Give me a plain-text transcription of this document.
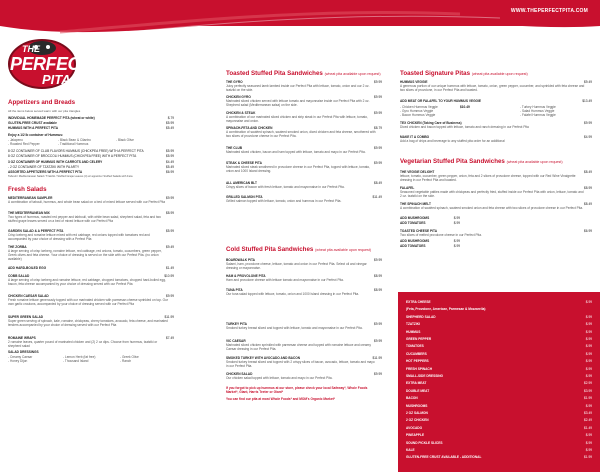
WWW.THEPERFECTPITA.COM
THE
PERFECT
PITA
Appetizers and Breads
All the items below served warm with our pita triangles
INDIVIDUAL HOMEMADE PERFECT PITA (wheat or white)	$.79
GLUTEN-FREE CRUST available	$5.99
HUMMUS WITH A PERFECT PITA	$5.49
Enjoy a 1/2 lb container of Hummus:
- Jalapeno	- Black Bean & Cilantro	- Black Olive
- Roasted Red Pepper	- Traditional Hummus
8 OZ CONTAINER OF CLUB FLAVORS HUMMUS (CHICKPEA FREE) WITH A PERFECT PITA	$5.99
8 OZ CONTAINER OF BROCCOLI HUMMUS (CHICKPEA FREE) WITH A PERFECT PITA	$5.99
3 OZ CONTAINER OF HUMMUS WITH CARROTS AND CELERY	$4.49
- 2 OZ CONTAINER OF TZATZIKI WITH PA ARTY	$5.49
ASSORTED APPETIZERS WITH A PERFECT PITA	$6.99
Tabouli / Mediterranean Salad / Tzatziki / Stuffed Grape Leaves (4) w/ appetizer Stuffed Salads with Feta
Fresh Salads
MEDITERRANEAN SAMPLER	$9.99
A combination of tabouli, hummus, and whole bean salad on a bed of mixed lettuce served with our Perfect Pita
THE MEDITERRANEAN MIX	$8.99
Two types of hummus, roasted red pepper and tabbouli, with white bean salad, shepherd salad, feta and two stuffed grape leaves served on a bed of mixed lettuce with our Perfect Pita
GARDEN SALAD & A PERFECT PITA	$5.99
Crisp iceberg and romaine lettuce mixed with red cabbage, red onions topped with tomatoes red and accompanied by your choice of dressing with a Perfect Pita
THE ZORBA	$9.49
A large serving of crisp iceberg, romaine lettuce, red cabbage, red onions, tomato, cucumbers, green pepper, Greek olives and feta cheese. Your choice of dressing is served on the side with our Perfect Pita. (no onion available)
ADD HARD-BOILED EGG	$1.49
COBB SALAD	$10.99
A large serving of crisp iceberg and romaine lettuce, red cabbage, chopped tomatoes, chopped hard-boiled egg, bacon, feta cheese accompanied by your choice of dressing served with our Perfect Pita
CHICKEN CAESAR SALAD	$9.99
Fresh romaine lettuce generously topped with our marinated chicken with parmesan cheese sprinkled on top. Our own garlic croutons, accompanied by your choice of dressing served with our Perfect Pita
SUPER GREEN SALAD	$11.99
Super green serving of spinach, kale, romaine, chickpeas, cherry tomatoes, avocado, feta cheese, and marinated tenders accompanied by your choice of dressing served with our Perfect Pita
ROMAINE WRAPS	$7.49
2 romaine leaves, quarter pound of marinated chicken and (2) 2 oz dips. Choose from hummus, tzatziki or shepherd salad
SALAD DRESSINGS
- Creamy Caesar	- Lemon Herb (fat free)	- Greek Olive
- Honey Dijon	- Thousand Island	- Ranch
Toasted Stuffed Pita Sandwiches (wheat pita available upon request)
THE GYRO	$9.99
Juicy perfectly seasoned lamb lambed inside our Perfect Pita with lettuce, tomato, onion and our 2 oz. tzatziki on the side.
CHICKEN GYRO	$9.99
Marinated sliced chicken served with lettuce tomato and mayonnaise inside our Perfect Pita with 2 oz. Shepherd salad (Mediterranean salsa) on the side.
CHICKEN & STEAK	$9.99
A combination of our marinated sliced chicken and strip steak in our Perfect Pita with lettuce, tomato, mayonnaise and onion.
SPINACH-FETA AND CHICKEN	$8.79
A combination of sautéed spinach, sauteed smoked onion, diced chicken and feta cheese, smothered with two slices of provolone cheese in our Perfect Pita.
THE CLUB	$9.99
Marinated sliced chicken, bacon and ham topped with lettuce, tomato and mayo in our Perfect Pita.
STEAK & CHEESE PITA	$9.99
Marinated sliced steak smothered in provolone cheese in our Perfect Pita, topped with lettuce, tomato, onion and 1000 Island dressing.
ALL AMERICAN BLT	$8.49
Crispy slices of bacon with fresh lettuce, tomato and mayonnaise in our Perfect Pita.
GRILLED SALMON PITA	$11.49
Grilled salmon topped with lettuce, tomato, onion and hummus in our Perfect Pita.
Cold Stuffed Pita Sandwiches (wheat pita available upon request)
BOARDWALK PITA	$9.99
Salami, ham, provolone cheese, lettuce, tomato and onion in our Perfect Pita. Select oil and vinegar dressing or mayonnaise.
HAM & PROVOLONE PITA	$8.99
Ham and provolone cheese with lettuce tomato and mayonnaise in our Perfect Pita.
TUNA PITA	$8.99
Our tuna salad topped with lettuce, tomato, onion and 1000 Island dressing in our Perfect Pita.
TURKEY PITA	$9.99
Smoked turkey breast sliced and topped with lettuce, tomato and mayonnaise in our Perfect Pita.
VIC CAESAR	$9.99
Marinated sliced chicken sprinkled with parmesan cheese and topped with romaine lettuce and creamy Caesar dressing in our Perfect Pita.
SMOKED TURKEY WITH AVOCADO AND BACON	$11.99
Smoked turkey breast sliced and topped with 2 crispy slices of bacon, avocado, lettuce, tomato and mayo in our Perfect Pita.
CHICKEN SALAD	$9.99
Our chicken salad topped with lettuce, tomato and mayo in our Perfect Pita.
If you forgot to pick up hummus at our store, please check your local Safeway*, Whole Foods Market*, Giant, Harris Teeter or Giant*
You can find our pita at most Whole Foods* and MOM's Organic Market*
Toasted Signature Pitas (wheat pita available upon request)
HUMMUS VEGGIE	$9.49
A generous portion of our unique hummus with lettuce, tomato, onion, green pepper, cucumber, and sprinkled with feta cheese and two slices of provolone, in our Perfect Pita and toasted.
ADD MEAT OR FALAFEL TO YOUR HUMMUS VEGGIE	$13.49
- Chicken Hummus Veggie
- Gyro Hummus Veggie
- Bacon Hummus Veggie
$10.49	- Turkey Hummus Veggie
- Salad Hummus Veggie
- Falafel Hummus Veggie
TEX CHICKEN (Taking Care of Business)	$9.99
Diced chicken and bacon topped with lettuce, tomato and ranch dressing in our Perfect Pita
MAKE IT A COMBO	$4.99
Add a bag of chips and beverage to any stuffed pita order for an additional
Vegetarian Stuffed Pita Sandwiches (wheat pita available upon request)
THE VEGGIE DELIGHT	$8.49
lettuce, tomato, cucumber, green pepper, onion, feta and 2 slices of provolone cheese, topped with our Red Wine Vinaigrette dressing in our Perfect Pita and toasted.
FALAFEL	$8.99
Seasoned vegetable patties made with chickpeas and perfectly fried, stuffed inside our Perfect Pita with onion, lettuce, tomato and 2 oz. tzatziki on the side.
THE SPINACH MELT	$8.49
A combination of sautéed spinach, sauteed smoked onion and feta cheese with two slices of provolone cheese in our Perfect Pita.
ADD MUSHROOMS	$.99
ADD TOMATOES	$.99
TOASTED CHEESE PITA	$6.99
Two slices of melted provolone cheese in our Perfect Pita.
ADD MUSHROOMS	$.99
ADD TOMATOES	$.99
EXTRA CHEESE	$.99
(Feta, Provolone, American, Parmesan & Mozzarella)
SHEPHERD SALAD	$.99
TZATZIKI	$.99
HUMMUS	$.99
GREEN PEPPER	$.99
TOMATOES	$.99
CUCUMBERS	$.99
HOT PEPPERS	$.99
FRESH SPINACH	$.99
SMALL-SIDE DRESSING	$.99
EXTRA MEAT	$2.99
DOUBLE MEAT	$3.99
BACON	$1.99
MUSHROOMS	$.99
2 OZ SALMON	$3.49
2 OZ CHICKEN	$2.49
AVOCADO	$1.49
PINEAPPLE	$.99
SOUND PICKLE SLICES	$.99
KALE	$.99
GLUTEN-FREE CRUST AVAILABLE - ADDITIONAL	$1.99
